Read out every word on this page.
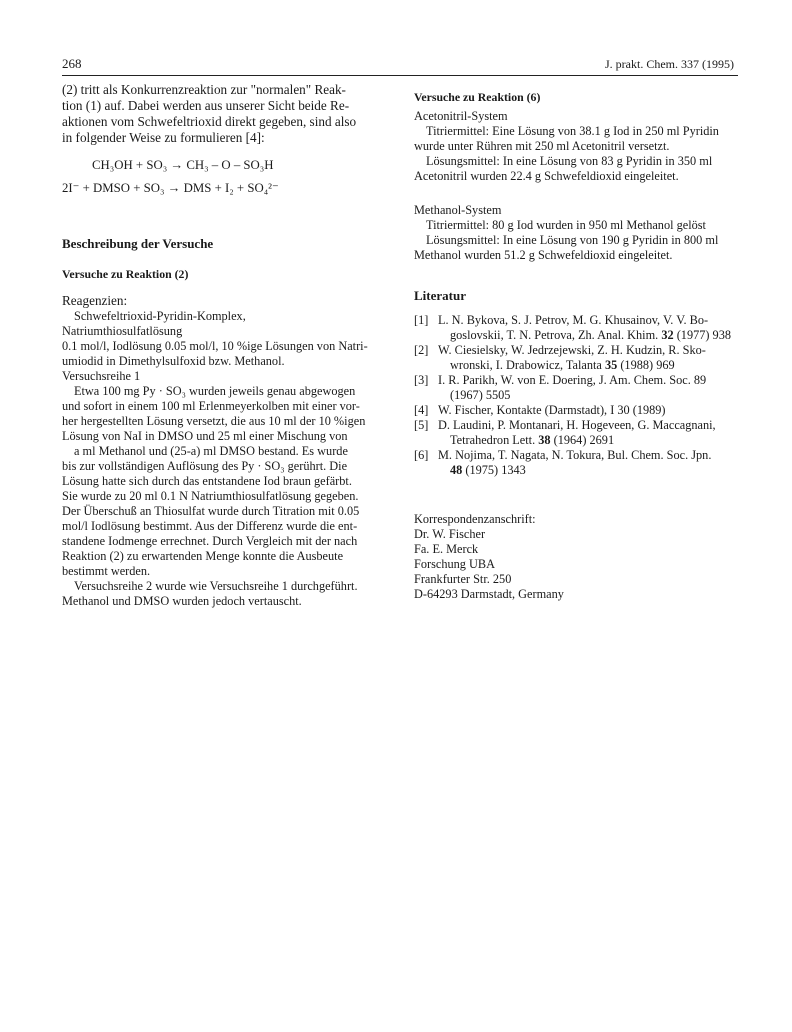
268	J. prakt. Chem. 337 (1995)

(2) tritt als Konkurrenzreaktion zur "normalen" Reak-

tion (1) auf. Dabei werden aus unserer Sicht beide Re-

aktionen vom Schwefeltrioxid direkt gegeben, sind also

in folgender Weise zu formulieren [4]:

CH₃OH + SO₃ → CH₃ – O – SO₃H
2I⁻ + DMSO + SO₃ → DMS + I₂ + SO₄²⁻
Beschreibung der Versuche
Versuche zu Reaktion (2)

Reagenzien:

Schwefeltrioxid-Pyridin-Komplex, Natriumthiosulfatlösung

0.1 mol/l, Iodlösung 0.05 mol/l, 10 %ige Lösungen von Natri-

umiodid in Dimethylsulfoxid bzw. Methanol.

Versuchsreihe 1

Etwa 100 mg Py · SO₃ wurden jeweils genau abgewogen

und sofort in einem 100 ml Erlenmeyerkolben mit einer vor-

her hergestellten Lösung versetzt, die aus 10 ml der 10 %igen

Lösung von NaI in DMSO und 25 ml einer Mischung von

a ml Methanol und (25-a) ml DMSO bestand. Es wurde

bis zur vollständigen Auflösung des Py · SO₃ gerührt. Die

Lösung hatte sich durch das entstandene Iod braun gefärbt.

Sie wurde zu 20 ml 0.1 N Natriumthiosulfatlösung gegeben.

Der Überschuß an Thiosulfat wurde durch Titration mit 0.05

mol/l Iodlösung bestimmt. Aus der Differenz wurde die ent-

standene Iodmenge errechnet. Durch Vergleich mit der nach

Reaktion (2) zu erwartenden Menge konnte die Ausbeute

bestimmt werden.

Versuchsreihe 2 wurde wie Versuchsreihe 1 durchgeführt.

Methanol und DMSO wurden jedoch vertauscht.

Versuche zu Reaktion (6)

Acetonitril-System

Titriermittel: Eine Lösung von 38.1 g Iod in 250 ml Pyridin

wurde unter Rühren mit 250 ml Acetonitril versetzt.

Lösungsmittel: In eine Lösung von 83 g Pyridin in 350 ml

Acetonitril wurden 22.4 g Schwefeldioxid eingeleitet.

Methanol-System

Titriermittel: 80 g Iod wurden in 950 ml Methanol gelöst

Lösungsmittel: In eine Lösung von 190 g Pyridin in 800 ml

Methanol wurden 51.2 g Schwefeldioxid eingeleitet.

Literatur
[1] L. N. Bykova, S. J. Petrov, M. G. Khusainov, V. V. Bo-
goslovskii, T. N. Petrova, Zh. Anal. Khim. 32 (1977) 938
[2] W. Ciesielsky, W. Jedrzejewski, Z. H. Kudzin, R. Sko-
wronski, I. Drabowicz, Talanta 35 (1988) 969
[3] I. R. Parikh, W. von E. Doering, J. Am. Chem. Soc. 89
(1967) 5505
[4] W. Fischer, Kontakte (Darmstadt), I 30 (1989)
[5] D. Laudini, P. Montanari, H. Hogeveen, G. Maccagnani,
Tetrahedron Lett. 38 (1964) 2691
[6] M. Nojima, T. Nagata, N. Tokura, Bul. Chem. Soc. Jpn.
48 (1975) 1343

Korrespondenzanschrift:

Dr. W. Fischer

Fa. E. Merck

Forschung UBA

Frankfurter Str. 250

D-64293 Darmstadt, Germany
